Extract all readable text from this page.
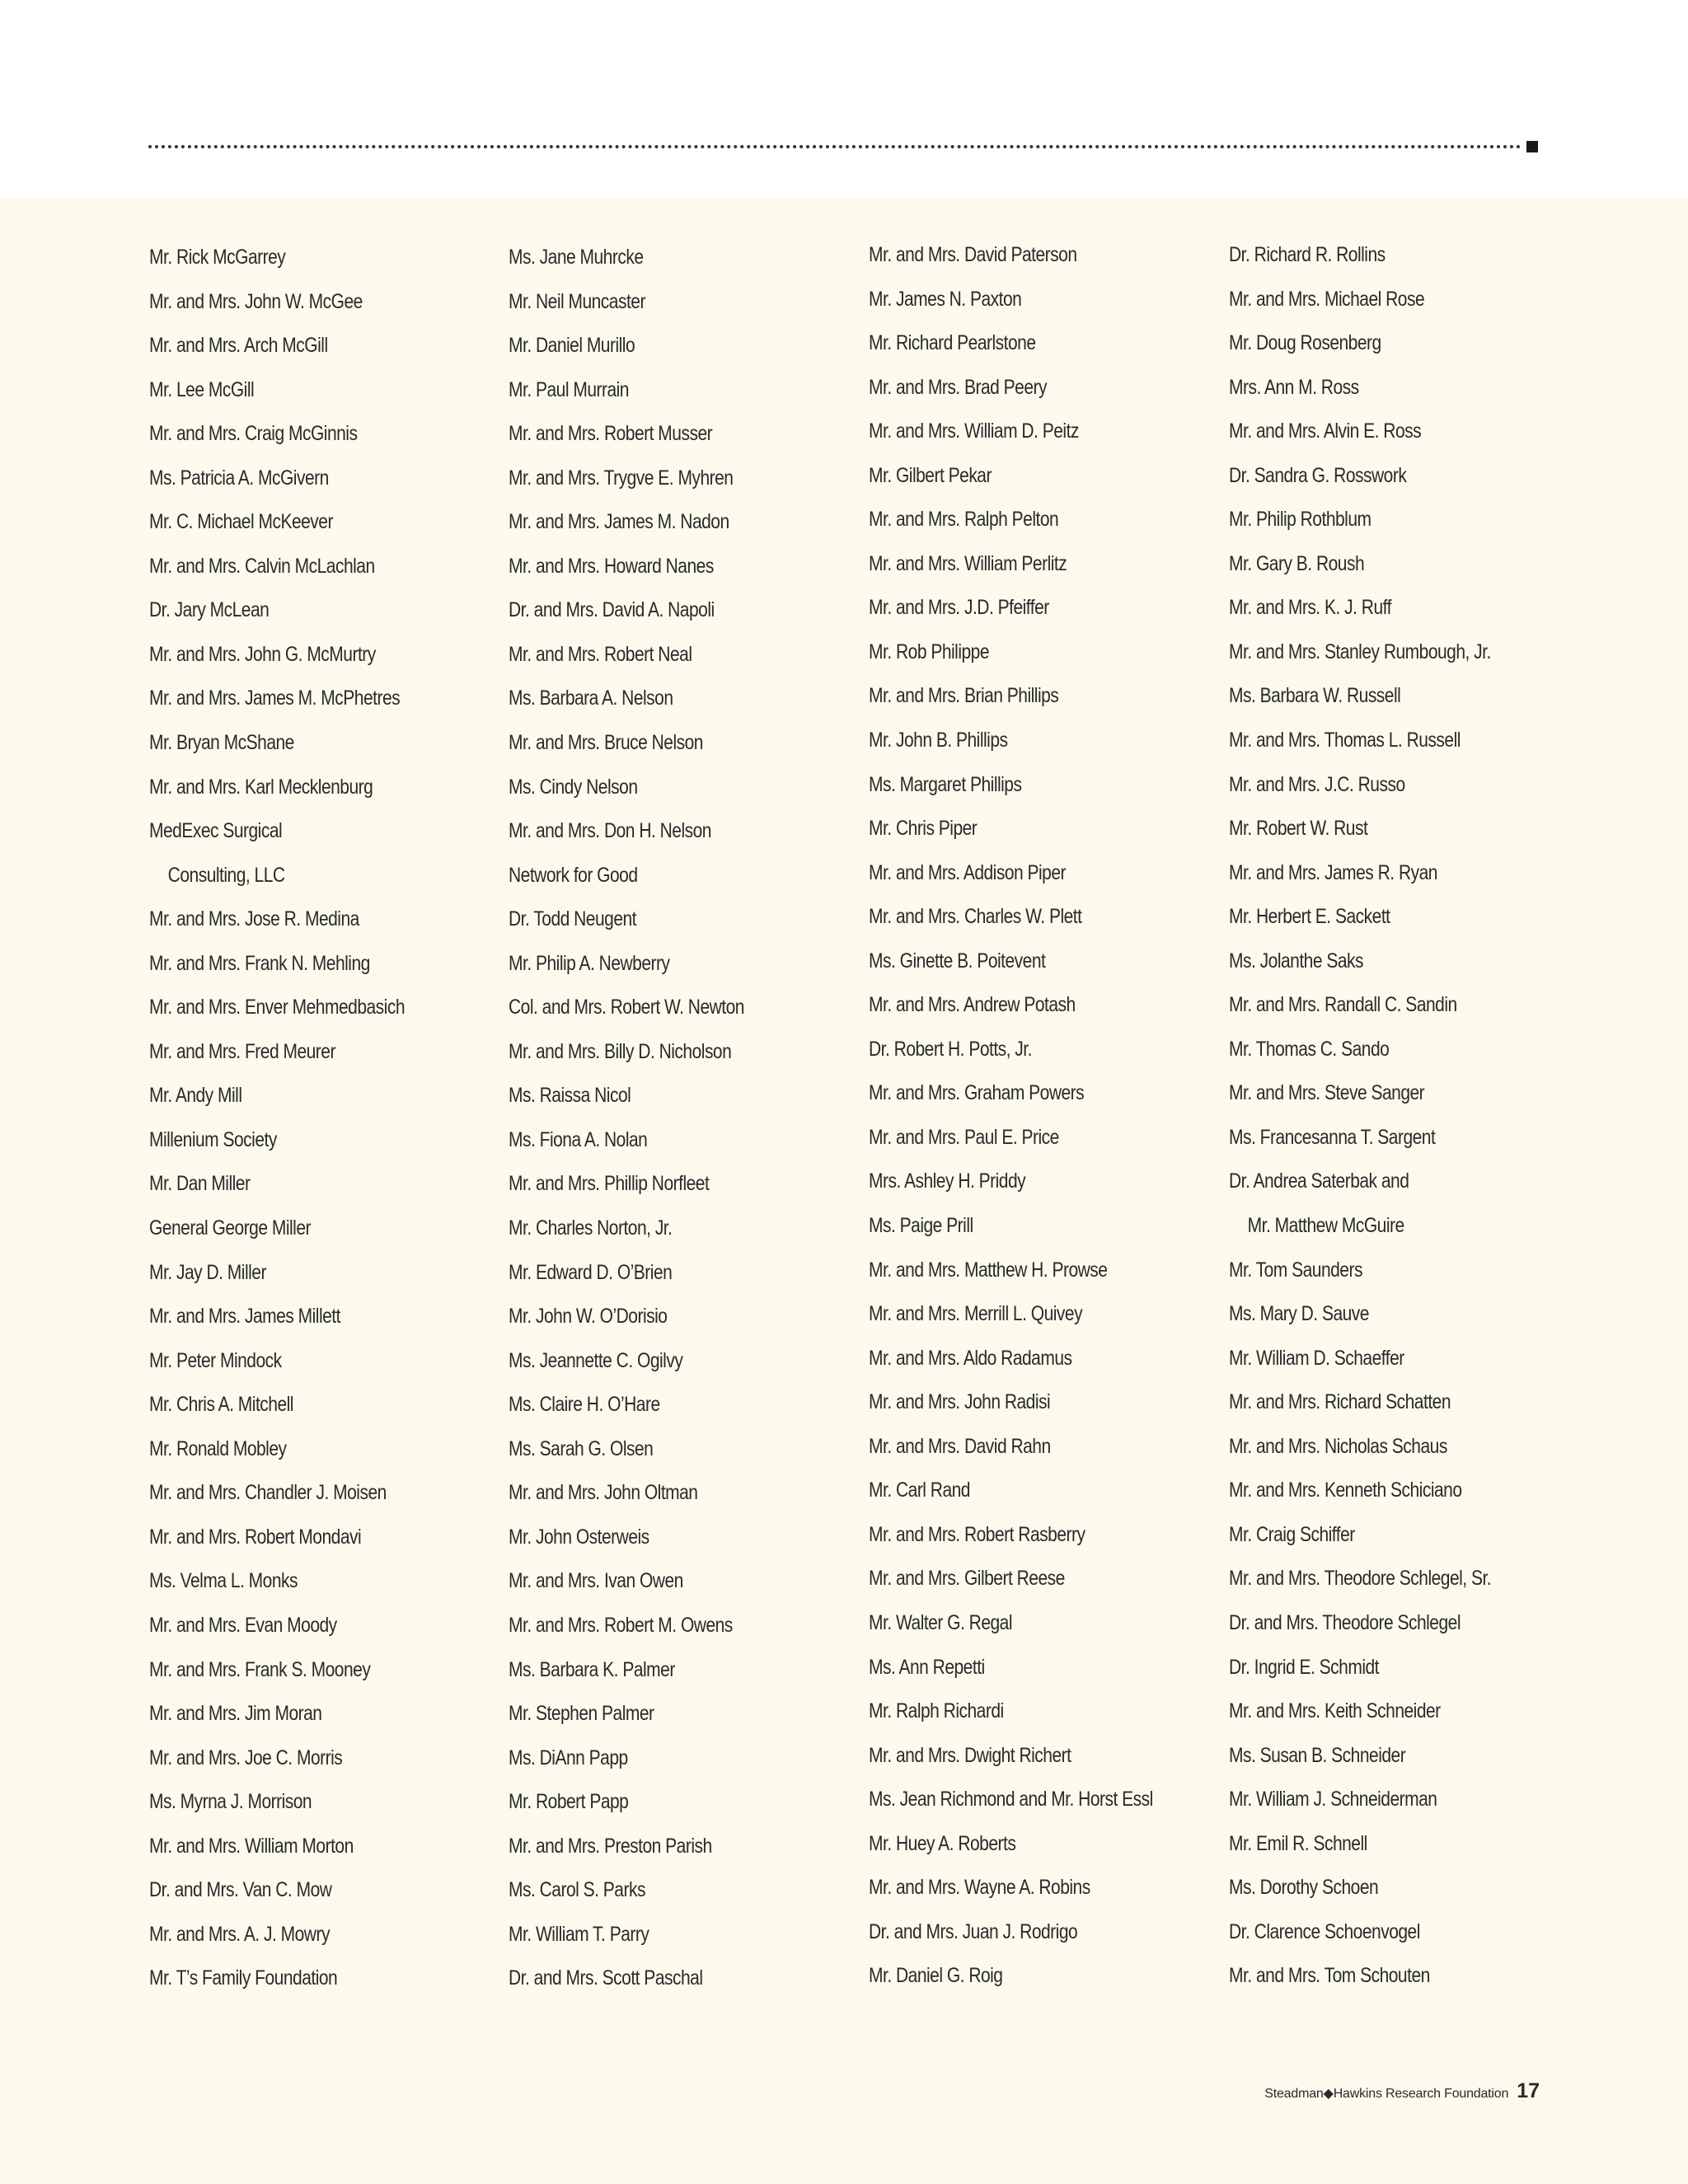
Mr. Rick McGarrey
Mr. and Mrs. John W. McGee
Mr. and Mrs. Arch McGill
Mr. Lee McGill
Mr. and Mrs. Craig McGinnis
Ms. Patricia A. McGivern
Mr. C. Michael McKeever
Mr. and Mrs. Calvin McLachlan
Dr. Jary McLean
Mr. and Mrs. John G. McMurtry
Mr. and Mrs. James M. McPhetres
Mr. Bryan McShane
Mr. and Mrs. Karl Mecklenburg
MedExec Surgical
Consulting, LLC
Mr. and Mrs. Jose R. Medina
Mr. and Mrs. Frank N. Mehling
Mr. and Mrs. Enver Mehmedbasich
Mr. and Mrs. Fred Meurer
Mr. Andy Mill
Millenium Society
Mr. Dan Miller
General George Miller
Mr. Jay D. Miller
Mr. and Mrs. James Millett
Mr. Peter Mindock
Mr. Chris A. Mitchell
Mr. Ronald Mobley
Mr. and Mrs. Chandler J. Moisen
Mr. and Mrs. Robert Mondavi
Ms. Velma L. Monks
Mr. and Mrs. Evan Moody
Mr. and Mrs. Frank S. Mooney
Mr. and Mrs. Jim Moran
Mr. and Mrs. Joe C. Morris
Ms. Myrna J. Morrison
Mr. and Mrs. William Morton
Dr. and Mrs. Van C. Mow
Mr. and Mrs. A. J. Mowry
Mr. T’s Family Foundation
Ms. Jane Muhrcke
Mr. Neil Muncaster
Mr. Daniel Murillo
Mr. Paul Murrain
Mr. and Mrs. Robert Musser
Mr. and Mrs. Trygve E. Myhren
Mr. and Mrs. James M. Nadon
Mr. and Mrs. Howard Nanes
Dr. and Mrs. David A. Napoli
Mr. and Mrs. Robert Neal
Ms. Barbara A. Nelson
Mr. and Mrs. Bruce Nelson
Ms. Cindy Nelson
Mr. and Mrs. Don H. Nelson
Network for Good
Dr. Todd Neugent
Mr. Philip A. Newberry
Col. and Mrs. Robert W. Newton
Mr. and Mrs. Billy D. Nicholson
Ms. Raissa Nicol
Ms. Fiona A. Nolan
Mr. and Mrs. Phillip Norfleet
Mr. Charles Norton, Jr.
Mr. Edward D. O’Brien
Mr. John W. O’Dorisio
Ms. Jeannette C. Ogilvy
Ms. Claire H. O’Hare
Ms. Sarah G. Olsen
Mr. and Mrs. John Oltman
Mr. John Osterweis
Mr. and Mrs. Ivan Owen
Mr. and Mrs. Robert M. Owens
Ms. Barbara K. Palmer
Mr. Stephen Palmer
Ms. DiAnn Papp
Mr. Robert Papp
Mr. and Mrs. Preston Parish
Ms. Carol S. Parks
Mr. William T. Parry
Dr. and Mrs. Scott Paschal
Mr. and Mrs. David Paterson
Mr. James N. Paxton
Mr. Richard Pearlstone
Mr. and Mrs. Brad Peery
Mr. and Mrs. William D. Peitz
Mr. Gilbert Pekar
Mr. and Mrs. Ralph Pelton
Mr. and Mrs. William Perlitz
Mr. and Mrs. J.D. Pfeiffer
Mr. Rob Philippe
Mr. and Mrs. Brian Phillips
Mr. John B. Phillips
Ms. Margaret Phillips
Mr. Chris Piper
Mr. and Mrs. Addison Piper
Mr. and Mrs. Charles W. Plett
Ms. Ginette B. Poitevent
Mr. and Mrs. Andrew Potash
Dr. Robert H. Potts, Jr.
Mr. and Mrs. Graham Powers
Mr. and Mrs. Paul E. Price
Mrs. Ashley H. Priddy
Ms. Paige Prill
Mr. and Mrs. Matthew H. Prowse
Mr. and Mrs. Merrill L. Quivey
Mr. and Mrs. Aldo Radamus
Mr. and Mrs. John Radisi
Mr. and Mrs. David Rahn
Mr. Carl Rand
Mr. and Mrs. Robert Rasberry
Mr. and Mrs. Gilbert Reese
Mr. Walter G. Regal
Ms. Ann Repetti
Mr. Ralph Richardi
Mr. and Mrs. Dwight Richert
Ms. Jean Richmond and Mr. Horst Essl
Mr. Huey A. Roberts
Mr. and Mrs. Wayne A. Robins
Dr. and Mrs. Juan J. Rodrigo
Mr. Daniel G. Roig
Dr. Richard R. Rollins
Mr. and Mrs. Michael Rose
Mr. Doug Rosenberg
Mrs. Ann M. Ross
Mr. and Mrs. Alvin E. Ross
Dr. Sandra G. Rosswork
Mr. Philip Rothblum
Mr. Gary B. Roush
Mr. and Mrs. K. J. Ruff
Mr. and Mrs. Stanley Rumbough, Jr.
Ms. Barbara W. Russell
Mr. and Mrs. Thomas L. Russell
Mr. and Mrs. J.C. Russo
Mr. Robert W. Rust
Mr. and Mrs. James R. Ryan
Mr. Herbert E. Sackett
Ms. Jolanthe Saks
Mr. and Mrs. Randall C. Sandin
Mr. Thomas C. Sando
Mr. and Mrs. Steve Sanger
Ms. Francesanna T. Sargent
Dr. Andrea Saterbak and
Mr. Matthew McGuire
Mr. Tom Saunders
Ms. Mary D. Sauve
Mr. William D. Schaeffer
Mr. and Mrs. Richard Schatten
Mr. and Mrs. Nicholas Schaus
Mr. and Mrs. Kenneth Schiciano
Mr. Craig Schiffer
Mr. and Mrs. Theodore Schlegel, Sr.
Dr. and Mrs. Theodore Schlegel
Dr. Ingrid E. Schmidt
Mr. and Mrs. Keith Schneider
Ms. Susan B. Schneider
Mr. William J. Schneiderman
Mr. Emil R. Schnell
Ms. Dorothy Schoen
Dr. Clarence Schoenvogel
Mr. and Mrs. Tom Schouten
Steadman◆Hawkins Research Foundation 17
